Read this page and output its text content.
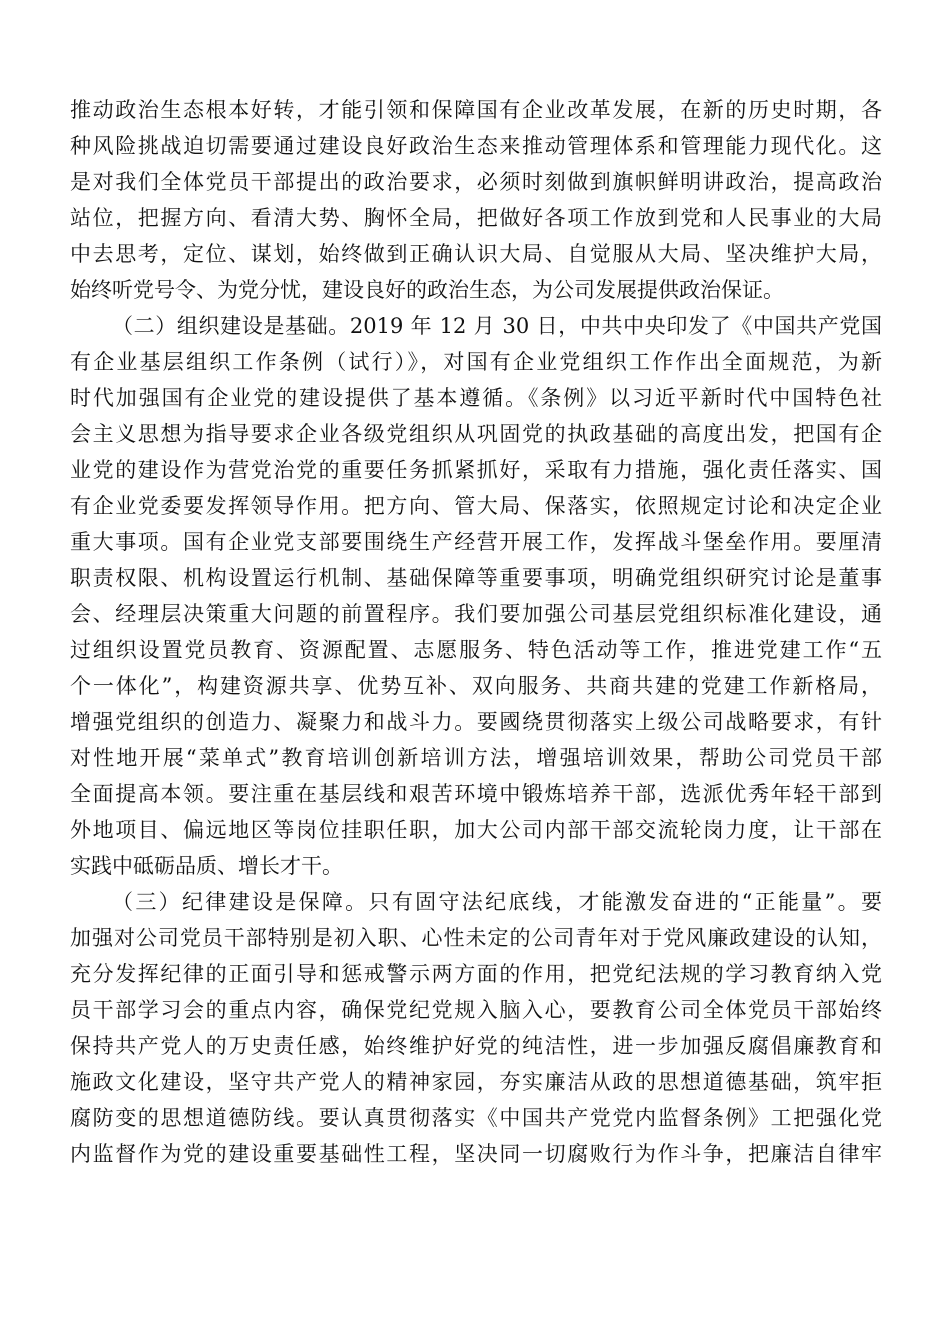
推动政治生态根本好转，才能引领和保障国有企业改革发展，在新的历史时期，各
种风险挑战迫切需要通过建设良好政治生态来推动管理体系和管理能力现代化。这
是对我们全体党员干部提出的政治要求，必须时刻做到旗帜鲜明讲政治，提高政治
站位，把握方向、看清大势、胸怀全局，把做好各项工作放到党和人民事业的大局
中去思考，定位、谋划，始终做到正确认识大局、自觉服从大局、坚决维护大局，
始终听党号令、为党分忧，建设良好的政治生态，为公司发展提供政治保证。
（二）组织建设是基础。2019 年 12 月 30 日，中共中央印发了《中国共产党国
有企业基层组织工作条例（试行）》，对国有企业党组织工作作出全面规范，为新
时代加强国有企业党的建设提供了基本遵循。《条例》以习近平新时代中国特色社
会主义思想为指导要求企业各级党组织从巩固党的执政基础的高度出发，把国有企
业党的建设作为营党治党的重要任务抓紧抓好，采取有力措施，强化责任落实、国
有企业党委要发挥领导作用。把方向、管大局、保落实，依照规定讨论和决定企业
重大事项。国有企业党支部要围绕生产经营开展工作，发挥战斗堡垒作用。要厘清
职责权限、机构设置运行机制、基础保障等重要事项，明确党组织研究讨论是董事
会、经理层决策重大问题的前置程序。我们要加强公司基层党组织标准化建设，通
过组织设置党员教育、资源配置、志愿服务、特色活动等工作，推进党建工作“五
个一体化”，构建资源共享、优势互补、双向服务、共商共建的党建工作新格局，
增强党组织的创造力、凝聚力和战斗力。要國绕贯彻落实上级公司战略要求，有针
对性地开展“菜单式”教育培训创新培训方法，增强培训效果，帮助公司党员干部
全面提高本领。要注重在基层线和艰苦环境中锻炼培养干部，选派优秀年轻干部到
外地项目、偏远地区等岗位挂职任职，加大公司内部干部交流轮岗力度，让干部在
实践中砥砺品质、增长才干。
（三）纪律建设是保障。只有固守法纪底线，才能激发奋进的“正能量”。要
加强对公司党员干部特别是初入职、心性未定的公司青年对于党风廉政建设的认知，
充分发挥纪律的正面引导和惩戒警示两方面的作用，把党纪法规的学习教育纳入党
员干部学习会的重点内容，确保党纪党规入脑入心，要教育公司全体党员干部始终
保持共产党人的万史责任感，始终维护好党的纯洁性，进一步加强反腐倡廉教育和
施政文化建设，坚守共产党人的精神家园，夯实廉洁从政的思想道德基础，筑牢拒
腐防变的思想道德防线。要认真贯彻落实《中国共产党党内监督条例》工把强化党
内监督作为党的建设重要基础性工程，坚决同一切腐败行为作斗争，把廉洁自律牢
